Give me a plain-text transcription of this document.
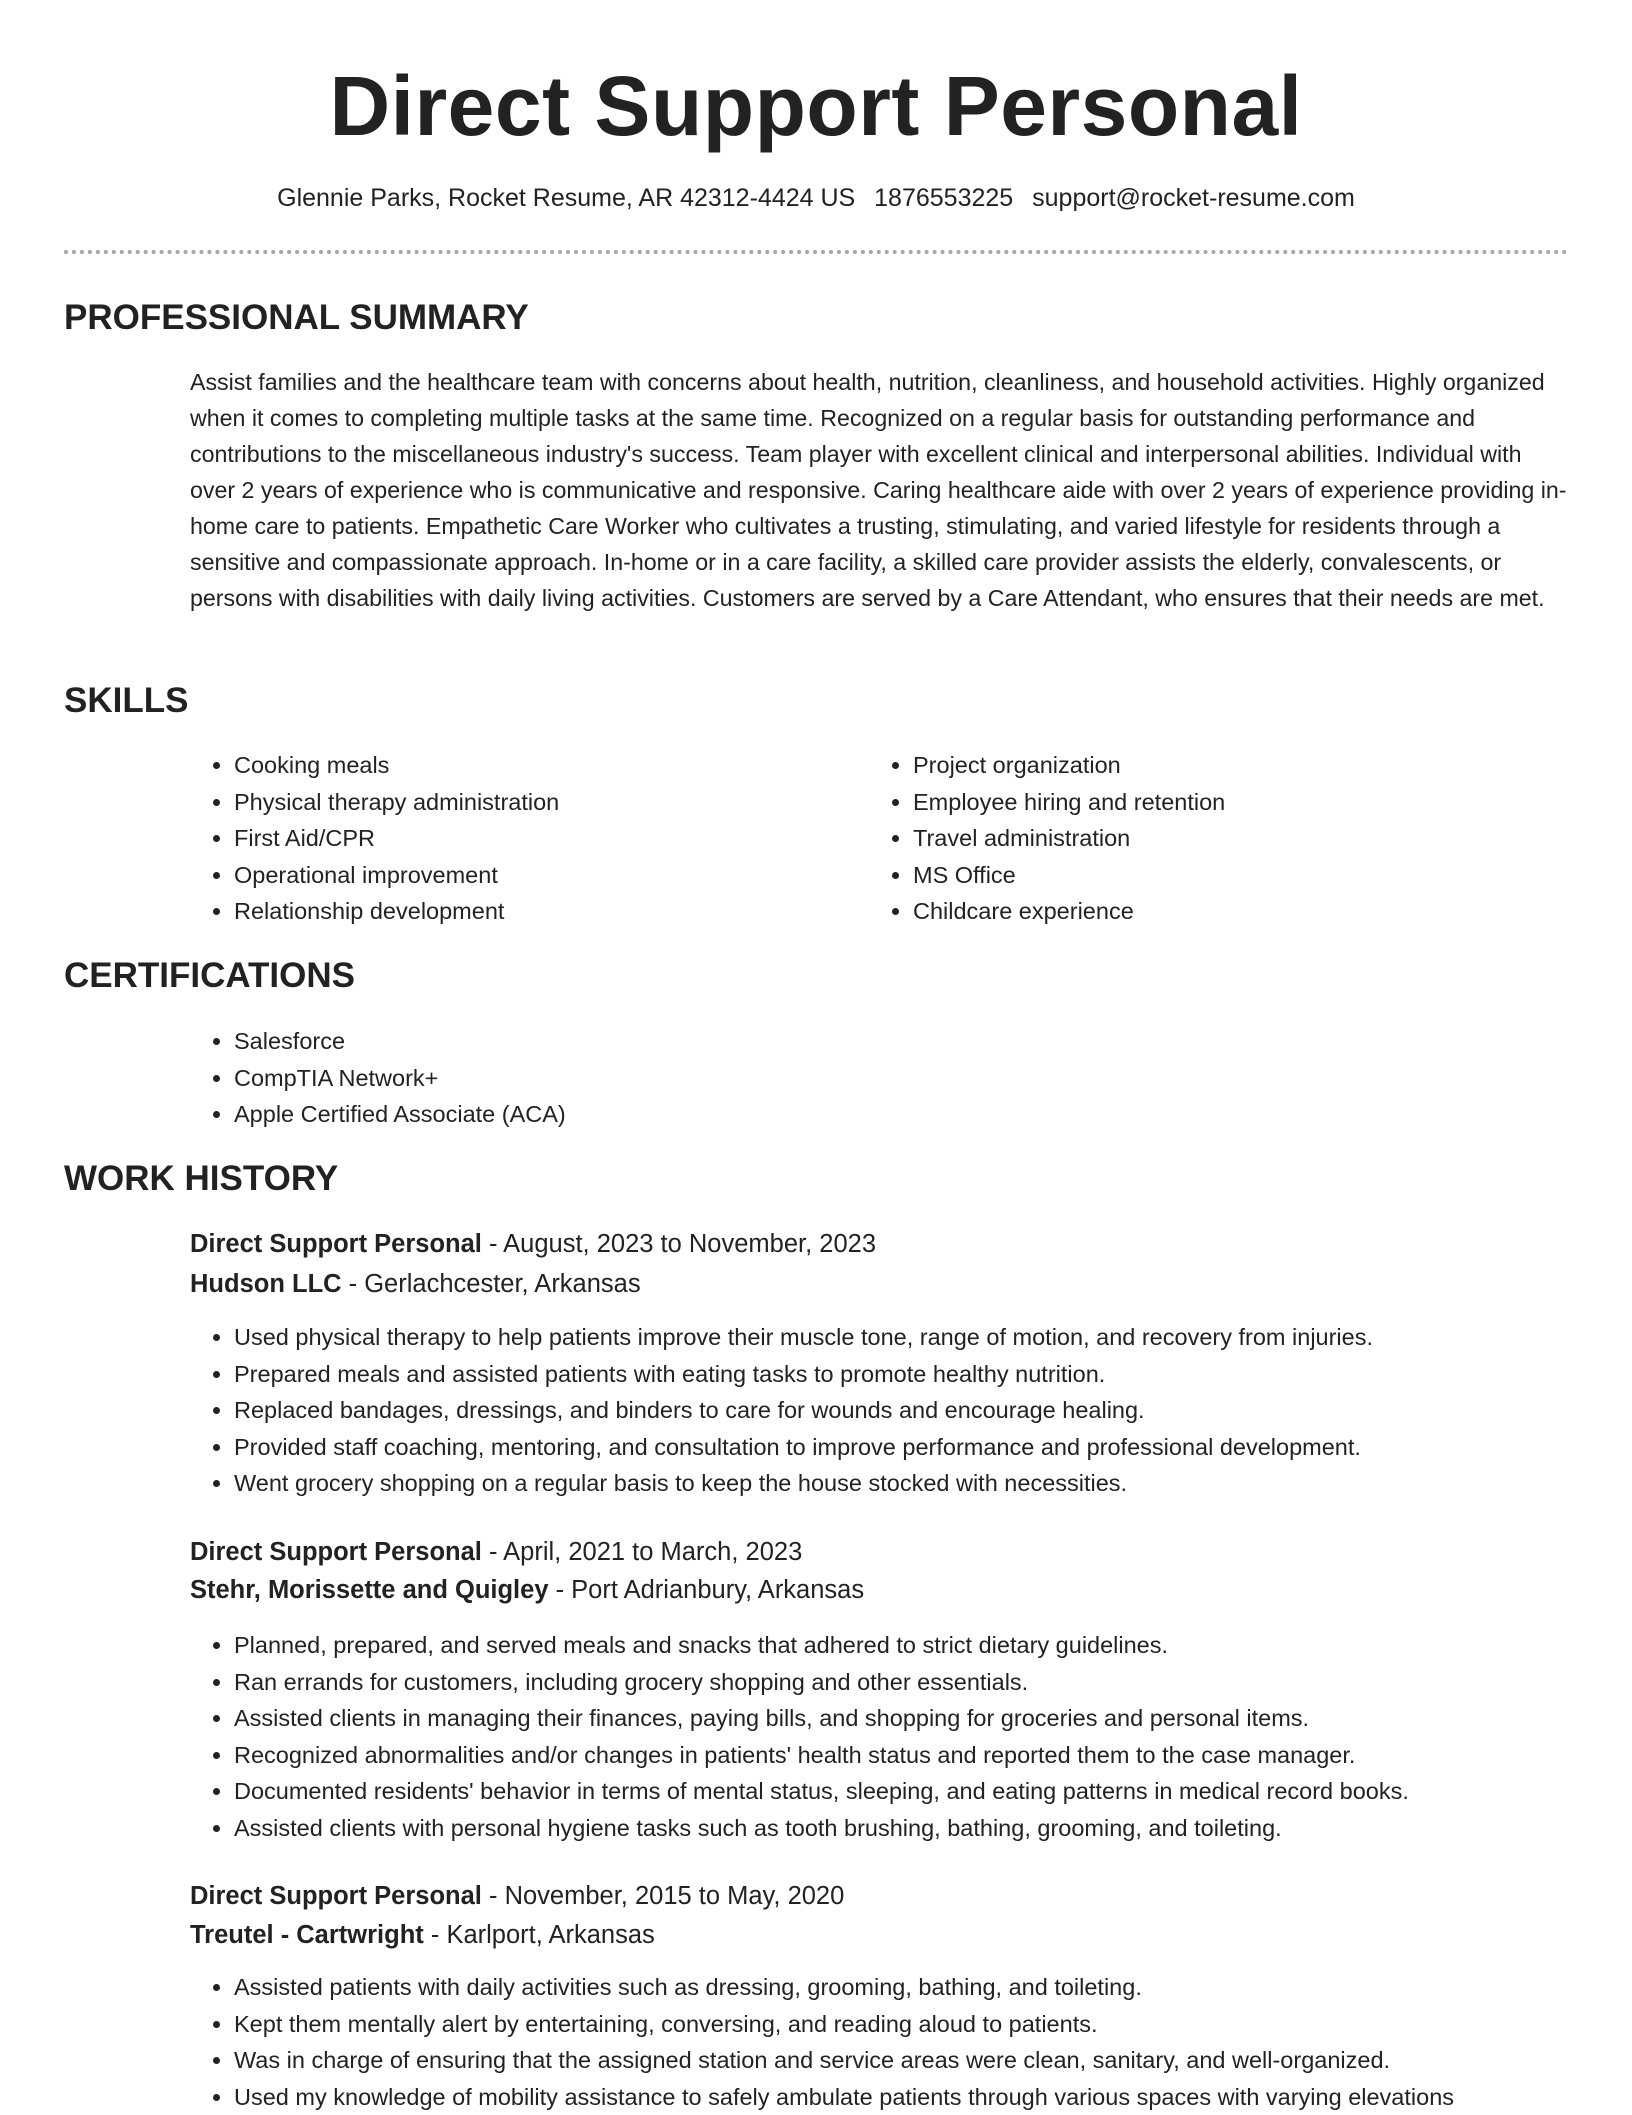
Direct Support Personal
Glennie Parks, Rocket Resume, AR 42312-4424 US 1876553225 support@rocket-resume.com
PROFESSIONAL SUMMARY

Assist families and the healthcare team with concerns about health, nutrition, cleanliness, and household activities. Highly organized when it comes to completing multiple tasks at the same time. Recognized on a regular basis for outstanding performance and contributions to the miscellaneous industry's success. Team player with excellent clinical and interpersonal abilities. Individual with over 2 years of experience who is communicative and responsive. Caring healthcare aide with over 2 years of experience providing in-home care to patients. Empathetic Care Worker who cultivates a trusting, stimulating, and varied lifestyle for residents through a sensitive and compassionate approach. In-home or in a care facility, a skilled care provider assists the elderly, convalescents, or persons with disabilities with daily living activities. Customers are served by a Care Attendant, who ensures that their needs are met.

SKILLS
• Cooking meals
• Physical therapy administration
• First Aid/CPR
• Operational improvement
• Relationship development
• Project organization
• Employee hiring and retention
• Travel administration
• MS Office
• Childcare experience
CERTIFICATIONS
• Salesforce
• CompTIA Network+
• Apple Certified Associate (ACA)
WORK HISTORY
Direct Support Personal - August, 2023 to November, 2023
Hudson LLC - Gerlachcester, Arkansas
• Used physical therapy to help patients improve their muscle tone, range of motion, and recovery from injuries.
• Prepared meals and assisted patients with eating tasks to promote healthy nutrition.
• Replaced bandages, dressings, and binders to care for wounds and encourage healing.
• Provided staff coaching, mentoring, and consultation to improve performance and professional development.
• Went grocery shopping on a regular basis to keep the house stocked with necessities.
Direct Support Personal - April, 2021 to March, 2023
Stehr, Morissette and Quigley - Port Adrianbury, Arkansas
• Planned, prepared, and served meals and snacks that adhered to strict dietary guidelines.
• Ran errands for customers, including grocery shopping and other essentials.
• Assisted clients in managing their finances, paying bills, and shopping for groceries and personal items.
• Recognized abnormalities and/or changes in patients' health status and reported them to the case manager.
• Documented residents' behavior in terms of mental status, sleeping, and eating patterns in medical record books.
• Assisted clients with personal hygiene tasks such as tooth brushing, bathing, grooming, and toileting.
Direct Support Personal - November, 2015 to May, 2020
Treutel - Cartwright - Karlport, Arkansas
• Assisted patients with daily activities such as dressing, grooming, bathing, and toileting.
• Kept them mentally alert by entertaining, conversing, and reading aloud to patients.
• Was in charge of ensuring that the assigned station and service areas were clean, sanitary, and well-organized.
• Used my knowledge of mobility assistance to safely ambulate patients through various spaces with varying elevations
